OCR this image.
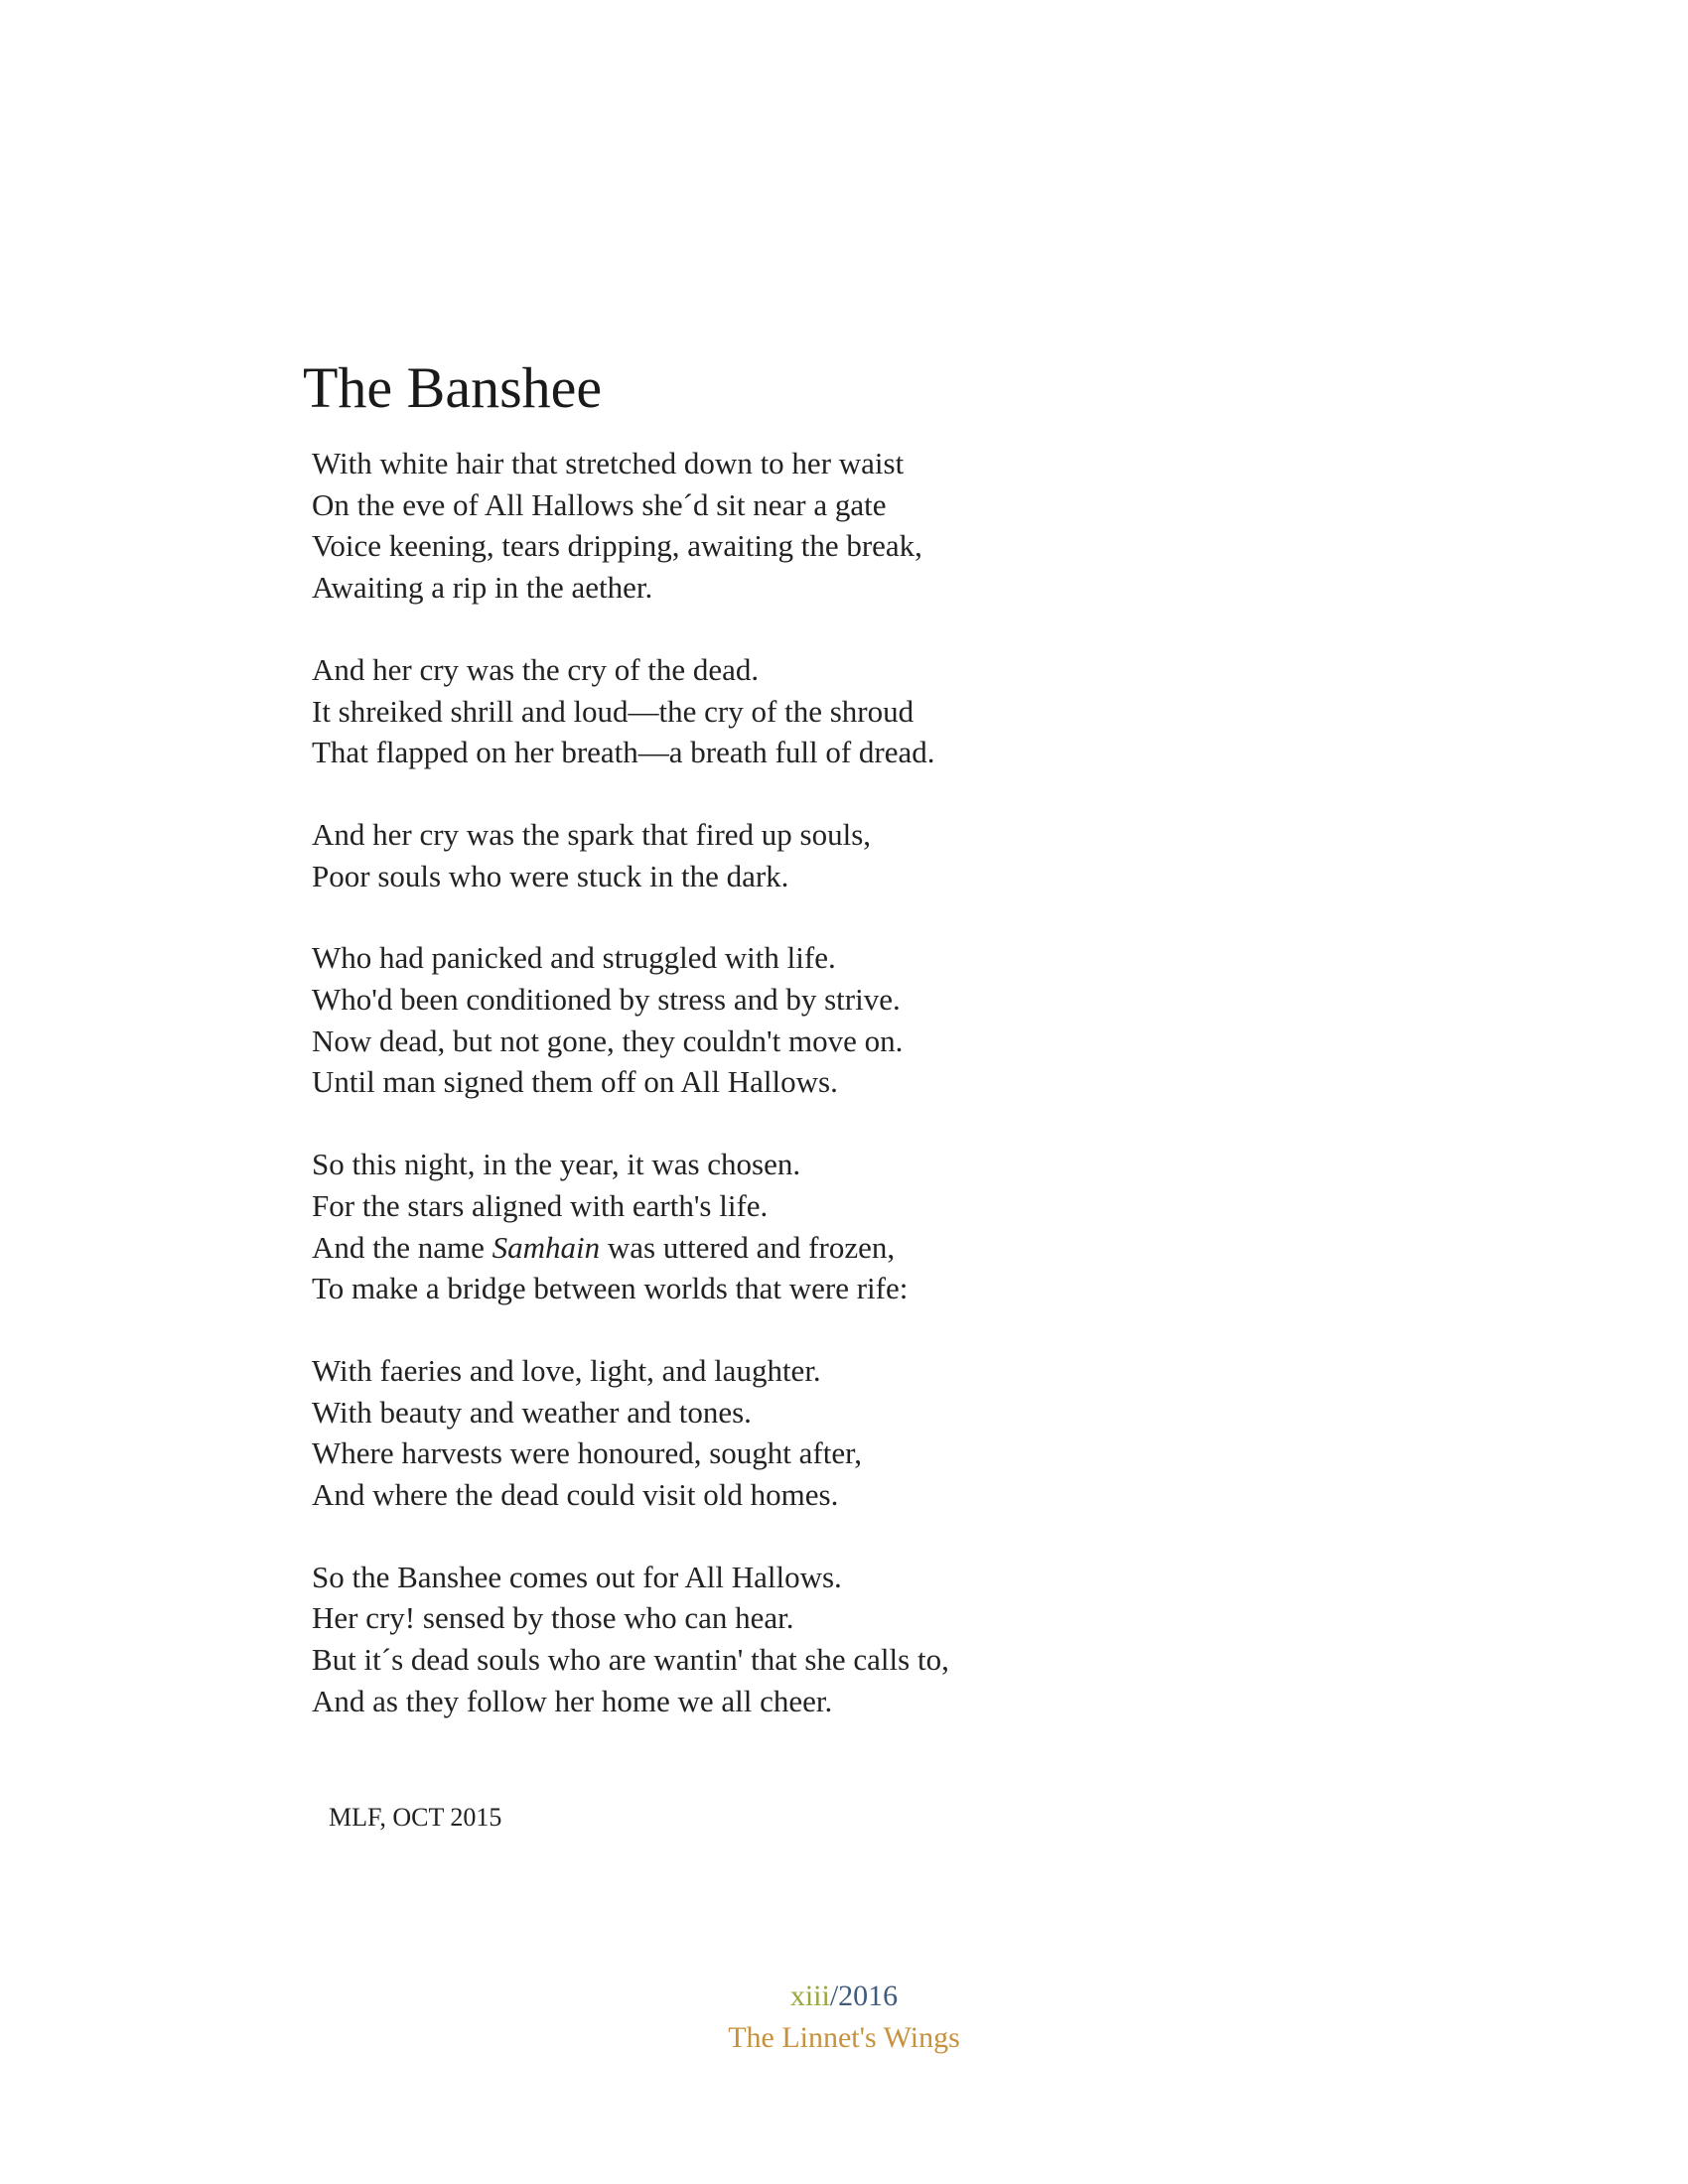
The Banshee
With white hair that stretched down to her waist
On the eve of All Hallows she´d sit near a gate
Voice keening, tears dripping, awaiting the break,
Awaiting a rip in the aether.
And her cry was the cry of the dead.
It shreiked shrill and loud—the cry of the shroud
That flapped on her breath—a breath full of dread.
And her cry was the spark that fired up souls,
Poor souls who were stuck in the dark.
Who had panicked and struggled with life.
Who'd been conditioned by stress and by strive.
Now dead, but not gone, they couldn't move on.
Until man signed them off on All Hallows.
So this night, in the year, it was chosen.
For the stars aligned with earth's life.
And the name Samhain was uttered and frozen,
To make a bridge between worlds that were rife:
With faeries and love, light, and laughter.
With beauty and weather and tones.
Where harvests were honoured, sought after,
And where the dead could visit old homes.
So the Banshee comes out for All Hallows.
Her cry! sensed by those who can hear.
But it´s dead souls who are wantin' that she calls to,
And as they follow her home we all cheer.
MLF, OCT 2015
xiii/2016
The Linnet's Wings
